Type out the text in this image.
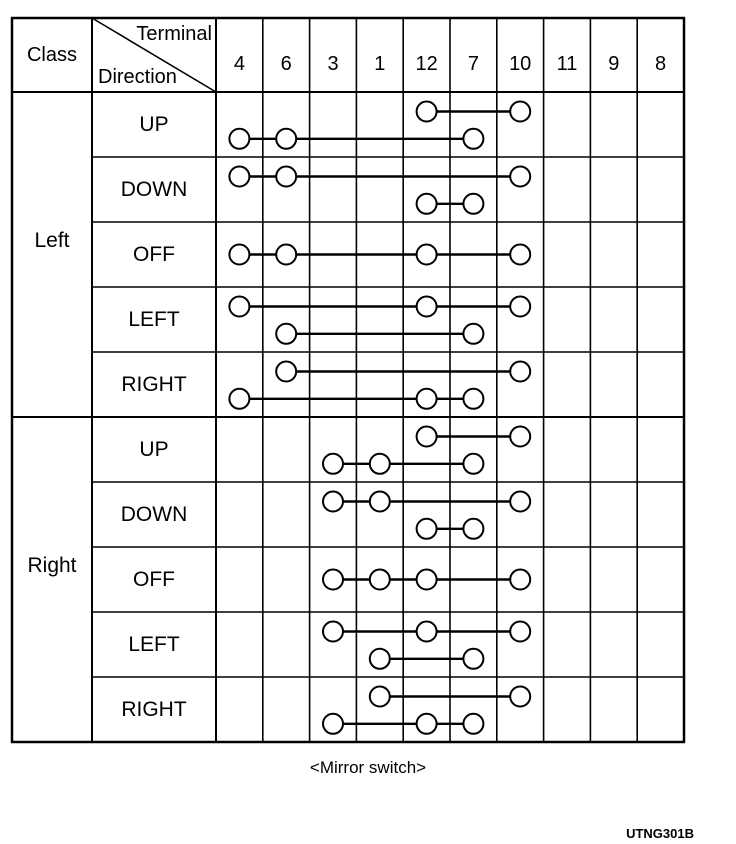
Class
Terminal
Direction
4 6 3 1 12 7 10 11 9 8
Left
UP
DOWN
OFF
LEFT
RIGHT
Right
UP
DOWN
OFF
LEFT
RIGHT
<Mirror switch>
UTNG301B
